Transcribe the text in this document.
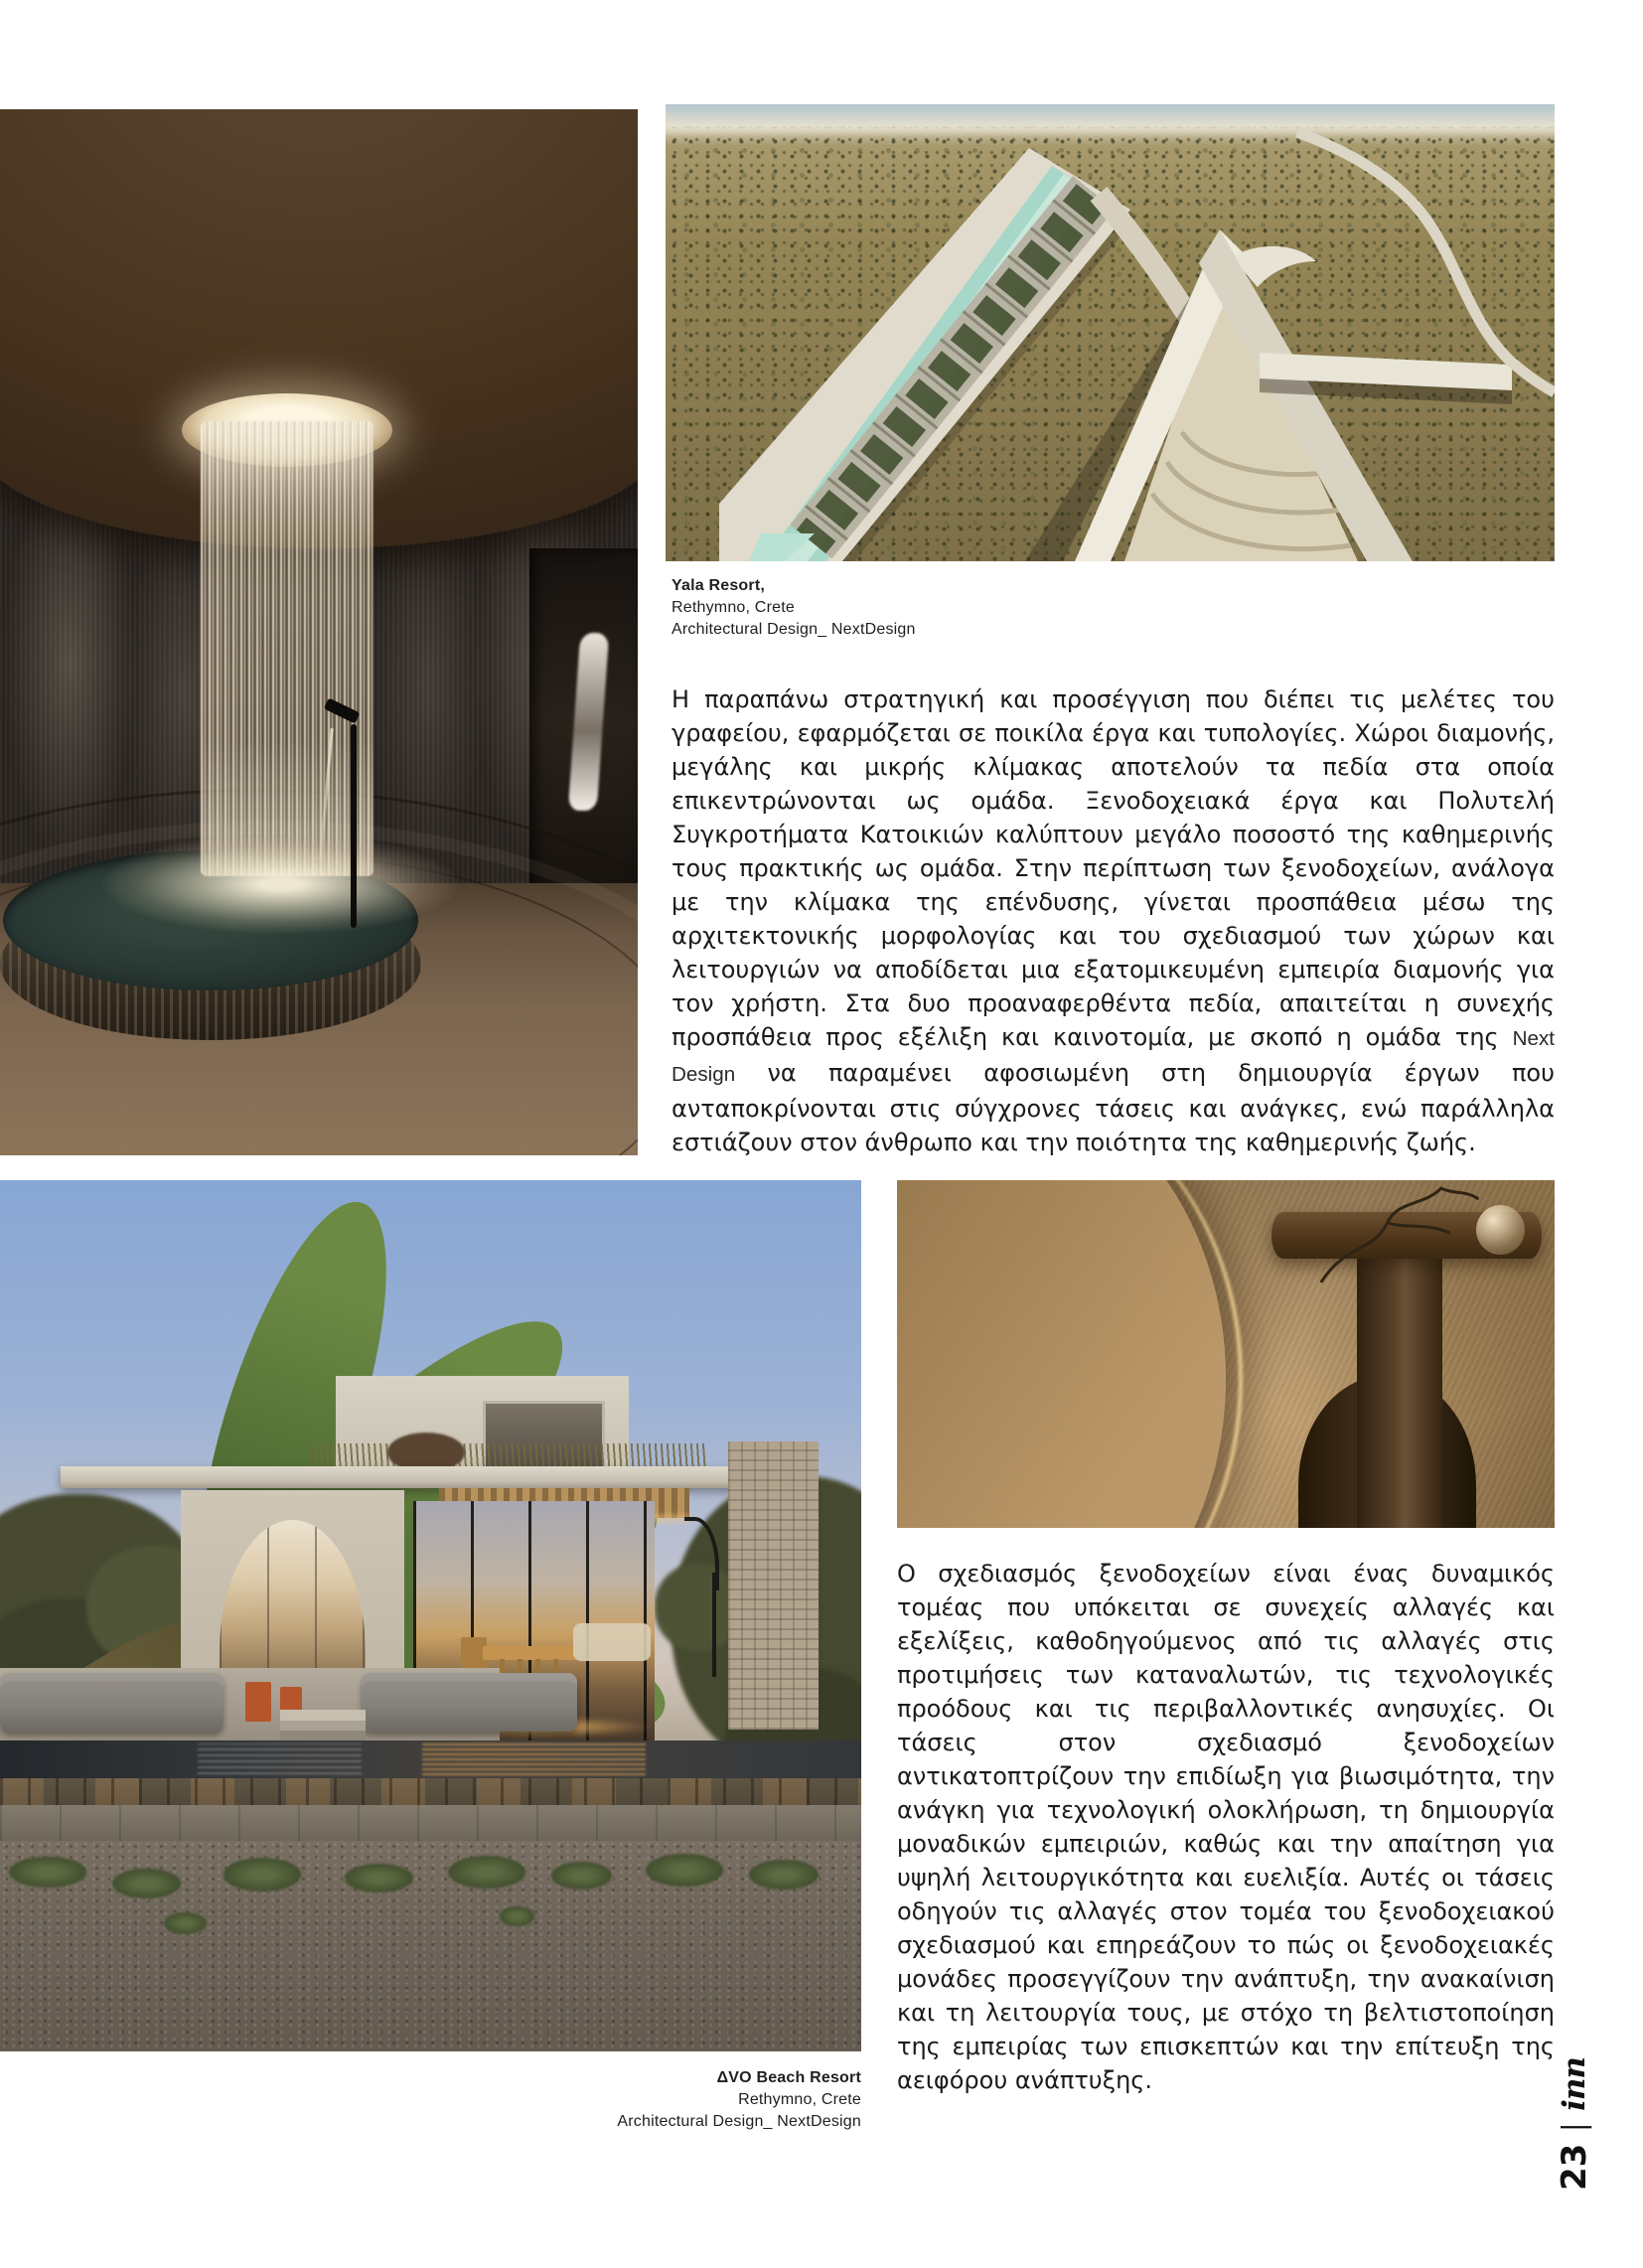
Yala Resort,
Rethymno, Crete
Architectural Design_ NextDesign

Η παραπάνω στρατηγική και προσέγγιση που διέπει τις μελέτες του γραφείου, εφαρμόζεται σε ποικίλα έργα και τυπολογίες. Χώροι διαμονής, μεγάλης και μικρής κλίμακας αποτελούν τα πεδία στα οποία επικεντρώνονται ως ομάδα. Ξενοδοχειακά έργα και Πολυτελή Συγκροτήματα Κατοικιών καλύπτουν μεγάλο ποσοστό της καθημερινής τους πρακτικής ως ομάδα. Στην περίπτωση των ξενοδοχείων, ανάλογα με την κλίμακα της επένδυσης, γίνεται προσπάθεια μέσω της αρχιτεκτονικής μορφολογίας και του σχεδιασμού των χώρων και λειτουργιών να αποδίδεται μια εξατομικευμένη εμπειρία διαμονής για τον χρήστη. Στα δυο προαναφερθέντα πεδία, απαιτείται η συνεχής προσπάθεια προς εξέλιξη και καινοτομία, με σκοπό η ομάδα της Next Design να παραμένει αφοσιωμένη στη δημιουργία έργων που ανταποκρίνονται στις σύγχρονες τάσεις και ανάγκες, ενώ παράλληλα εστιάζουν στον άνθρωπο και την ποιότητα της καθημερινής ζωής.

Ο σχεδιασμός ξενοδοχείων είναι ένας δυναμικός τομέας που υπόκειται σε συνεχείς αλλαγές και εξελίξεις, καθοδηγούμενος από τις αλλαγές στις προτιμήσεις των καταναλωτών, τις τεχνολογικές προόδους και τις περιβαλλοντικές ανησυχίες. Οι τάσεις στον σχεδιασμό ξενοδοχείων αντικατοπτρίζουν την επιδίωξη για βιωσιμότητα, την ανάγκη για τεχνολογική ολοκλήρωση, τη δημιουργία μοναδικών εμπειριών, καθώς και την απαίτηση για υψηλή λειτουργικότητα και ευελιξία. Αυτές οι τάσεις οδηγούν τις αλλαγές στον τομέα του ξενοδοχειακού σχεδιασμού και επηρεάζουν το πώς οι ξενοδοχειακές μονάδες προσεγγίζουν την ανάπτυξη, την ανακαίνιση και τη λειτουργία τους, με στόχο τη βελτιστοποίηση της εμπειρίας των επισκεπτών και την επίτευξη της αειφόρου ανάπτυξης.

ΔVO Beach Resort
Rethymno, Crete
Architectural Design_ NextDesign
23
|
inn
